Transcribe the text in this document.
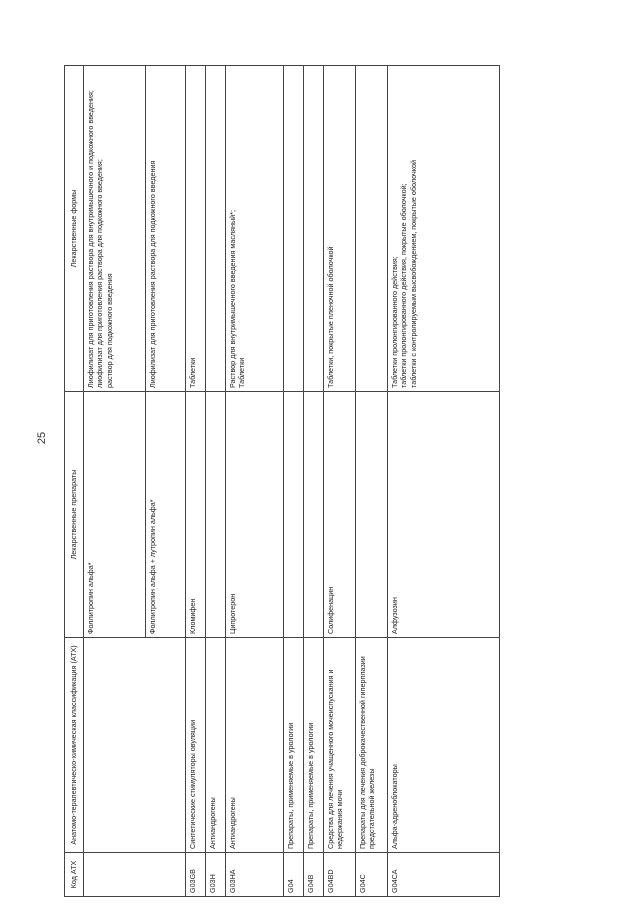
25
Код АТХ	Анатомо-терапевтическо-химическая классификация (АТХ)	Лекарственные препараты	Лекарственные формы
		Фоллитропин альфа*	Лиофилизат для приготовления раствора для внутримышечного и подкожного введения; лиофилизат для приготовления раствора для подкожного введения; раствор для подкожного введения

		Фоллитропин альфа + лутропин альфа*	Лиофилизат для приготовления раствора для подкожного введения

G03GB	Синтетические стимуляторы овуляции	Кломифен	Таблетки

G03H	Антиандрогены		
G03HA	Антиандрогены	Ципротерон	Раствор для внутримышечного введения масляный*; Таблетки

G04	Препараты, применяемые в урологии		
G04B	Препараты, применяемые в урологии		
G04BD	Средства для лечения учащенного мочеиспускания и недержания мочи	Солифенацин	Таблетки, покрытые пленочной оболочкой

G04C	Препараты для лечения доброкачественной гиперплазии предстательной железы		
G04CA	Альфа-адреноблокаторы	Алфузозин	Таблетки пролонгированного действия; таблетки пролонгированного действия, покрытые оболочкой; таблетки с контролируемым высвобождением, покрытые оболочкой
